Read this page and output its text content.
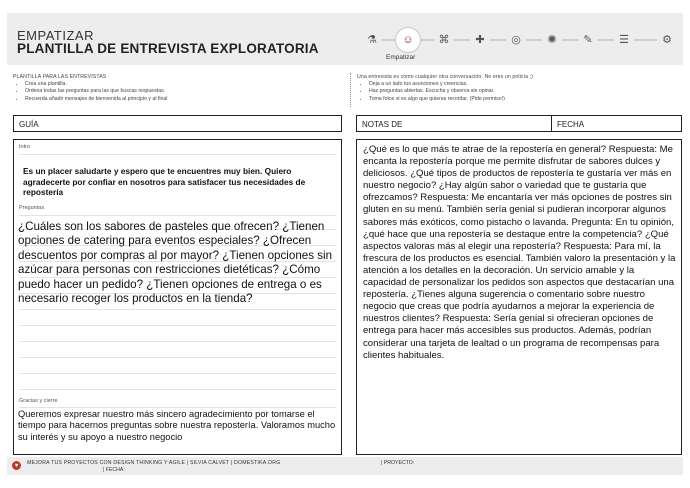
EMPATIZAR
PLANTILLA DE ENTREVISTA EXPLORATORIA
⚗	☺	⌘	✚	◎	✺	✎	☰	⚙
Empatizar
PLANTILLA PARA LAS ENTREVISTAS
• Crea una plantilla.
• Ordena todas las preguntas para las que buscas respuestas.
• Recuerda añadir mensajes de bienvenida al principio y al final
Una entrevista es como cualquier otra conversación. No eres un policía ;)
• Deja a un lado tus asunciones y creencias.
• Haz preguntas abiertas. Escucha y observa sin opinar.
• Toma fotos si es algo que quieras recordar. (Pide permiso!)
GUÍA	NOTAS DE	FECHA
Intro
Es un placer saludarte y espero que te encuentres muy bien. Quiero agradecerte por confiar en nosotros para satisfacer tus necesidades de repostería
Preguntas
¿Cuáles son los sabores de pasteles que ofrecen? ¿Tienen opciones de catering para eventos especiales? ¿Ofrecen descuentos por compras al por mayor? ¿Tienen opciones sin azúcar para personas con restricciones dietéticas? ¿Cómo puedo hacer un pedido? ¿Tienen opciones de entrega o es necesario recoger los productos en la tienda?
Gracias y cierre
Queremos expresar nuestro más sincero agradecimiento por tomarse el tiempo para hacernos preguntas sobre nuestra repostería. Valoramos mucho su interés y su apoyo a nuestro negocio
¿Qué es lo que más te atrae de la repostería en general? Respuesta: Me encanta la repostería porque me permite disfrutar de sabores dulces y deliciosos. ¿Qué tipos de productos de repostería te gustaría ver más en nuestro negocio? ¿Hay algún sabor o variedad que te gustaría que ofrezcamos? Respuesta: Me encantaría ver más opciones de postres sin gluten en su menú. También sería genial si pudieran incorporar algunos sabores más exóticos, como pistacho o lavanda. Pregunta: En tu opinión, ¿qué hace que una repostería se destaque entre la competencia? ¿Qué aspectos valoras más al elegir una repostería? Respuesta: Para mí, la frescura de los productos es esencial. También valoro la presentación y la atención a los detalles en la decoración. Un servicio amable y la capacidad de personalizar los pedidos son aspectos que destacarían una repostería. ¿Tienes alguna sugerencia o comentario sobre nuestro negocio que creas que podría ayudarnos a mejorar la experiencia de nuestros clientes? Respuesta: Sería genial si ofrecieran opciones de entrega para hacer más accesibles sus productos. Además, podrían considerar una tarjeta de lealtad o un programa de recompensas para clientes habituales.
♥	MEJORA TUS PROYECTOS CON DESIGN THINKING Y AGILE | SILVIA CALVET | DOMESTIKA.ORG
| FECHA:
| PROYECTO:
